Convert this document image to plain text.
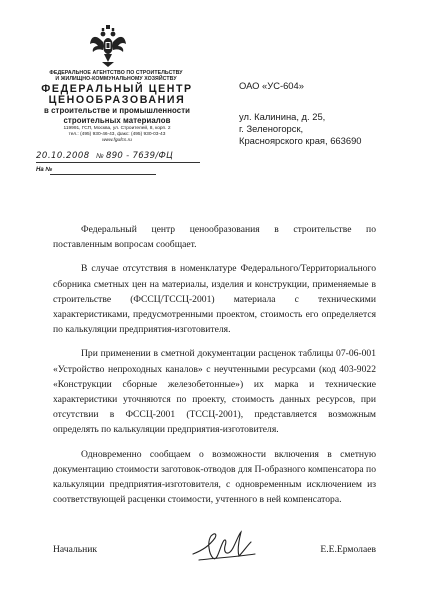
ФЕДЕРАЛЬНОЕ АГЕНТСТВО ПО СТРОИТЕЛЬСТВУ
И ЖИЛИЩНО-КОММУНАЛЬНОМУ ХОЗЯЙСТВУ
ФЕДЕРАЛЬНЫЙ ЦЕНТР
ЦЕНООБРАЗОВАНИЯ
в строительстве и промышленности
строительных материалов
119991, ГСП, Москва, ул. Строителей, 8, корп. 2
тел.: (495) 930-46-43, факс: (495) 930-03-43
www.fgufcs.ru
20.10.2008 № 890 - 7639/ФЦ
На №
ОАО «УС-604»
ул. Калинина, д. 25,
г. Зеленогорск,
Красноярского края, 663690

Федеральный центр ценообразования в строительстве по поставленным вопросам сообщает.

В случае отсутствия в номенклатуре Федерального/Территориального сборника сметных цен на материалы, изделия и конструкции, применяемые в строительстве (ФССЦ/ТССЦ-2001) материала с техническими характеристиками, предусмотренными проектом, стоимость его определяется по калькуляции предприятия-изготовителя.

При применении в сметной документации расценок таблицы 07-06-001 «Устройство непроходных каналов» с неучтенными ресурсами (код 403-9022 «Конструкции сборные железобетонные») их марка и технические характеристики уточняются по проекту, стоимость данных ресурсов, при отсутствии в ФССЦ-2001 (ТССЦ-2001), представляется возможным определять по калькуляции предприятия-изготовителя.

Одновременно сообщаем о возможности включения в сметную документацию стоимости заготовок-отводов для П-образного компенсатора по калькуляции предприятия-изготовителя, с одновременным исключением из соответствующей расценки стоимости, учтенного в ней компенсатора.

Начальник	Е.Е.Ермолаев
